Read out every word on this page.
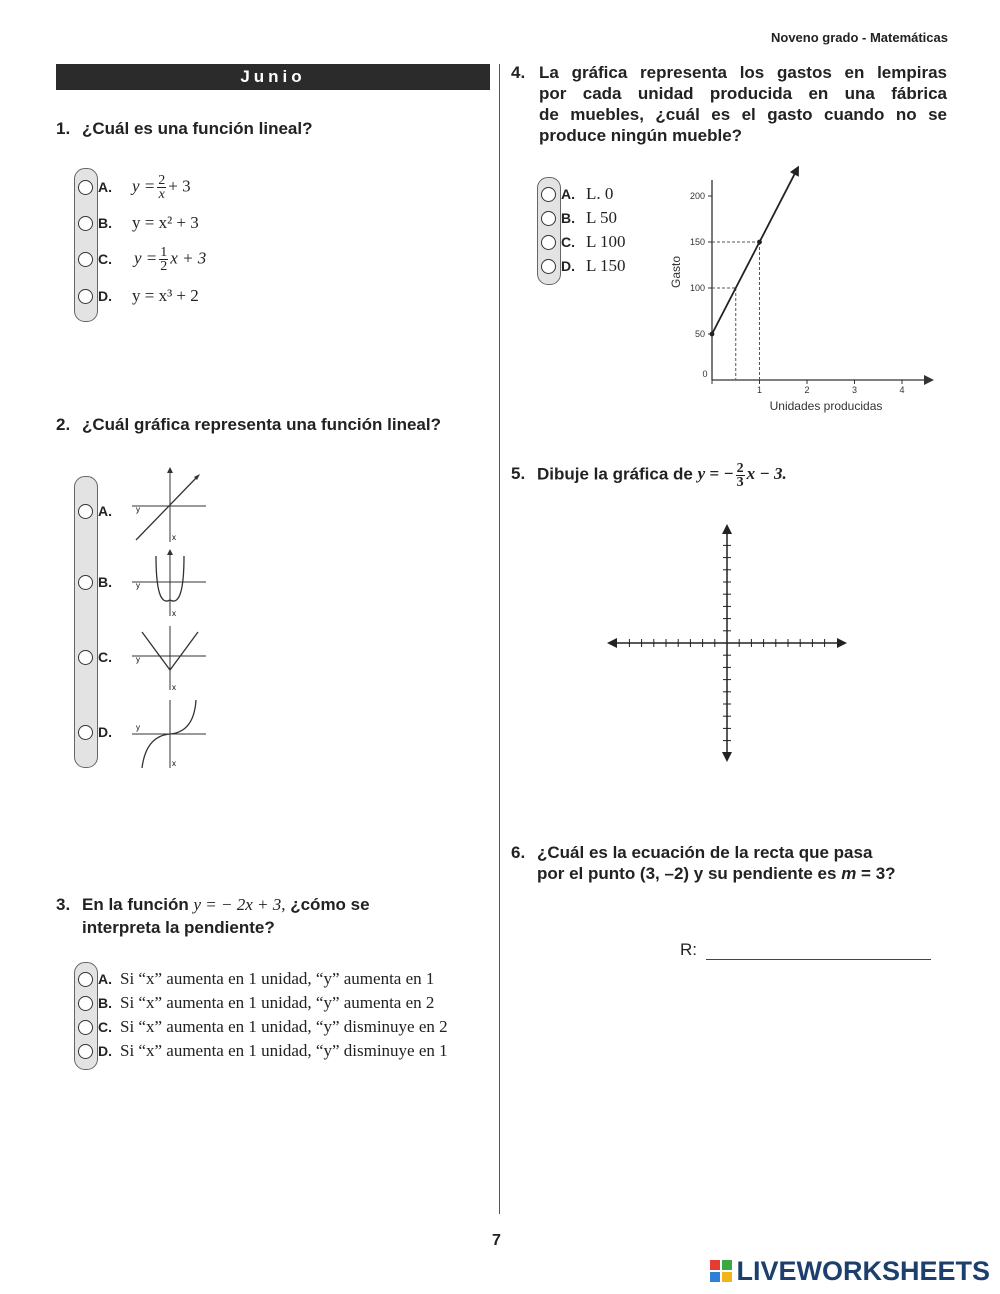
Noveno grado - Matemáticas
Junio
1. ¿Cuál es una función lineal?
A. $y = \frac{2}{x} + 3$
B. y = x² + 3
C. $y = \frac{1}{2}$ x + 3
D. y = x³ + 2
2. ¿Cuál gráfica representa una función lineal?
A.	y
x
B.	y
x
C.	y
x
D.	y
x
3. En la función y = − 2x + 3, ¿cómo se
interpreta la pendiente?
A. Si “x” aumenta en 1 unidad, “y” aumenta en 1
B. Si “x” aumenta en 1 unidad, “y” aumenta en 2
C. Si “x” aumenta en 1 unidad, “y” disminuye en 2
D. Si “x” aumenta en 1 unidad, “y” disminuye en 1
4. La gráfica representa los gastos en lempiras
por cada unidad producida en una fábrica
de muebles, ¿cuál es el gasto cuando no se
produce ningún mueble?
A. L. 0
B. L 50
C. L 100
D. L 150
50
100
150
200
0
1	2	3	4
Unidades producidas
Gasto
5. Dibuje la gráfica de y = − $\frac{2}{3}$ x − 3.
6. ¿Cuál es la ecuación de la recta que pasa
por el punto (3, –2) y su pendiente es m = 3?
R:
7
LIVEWORKSHEETS
